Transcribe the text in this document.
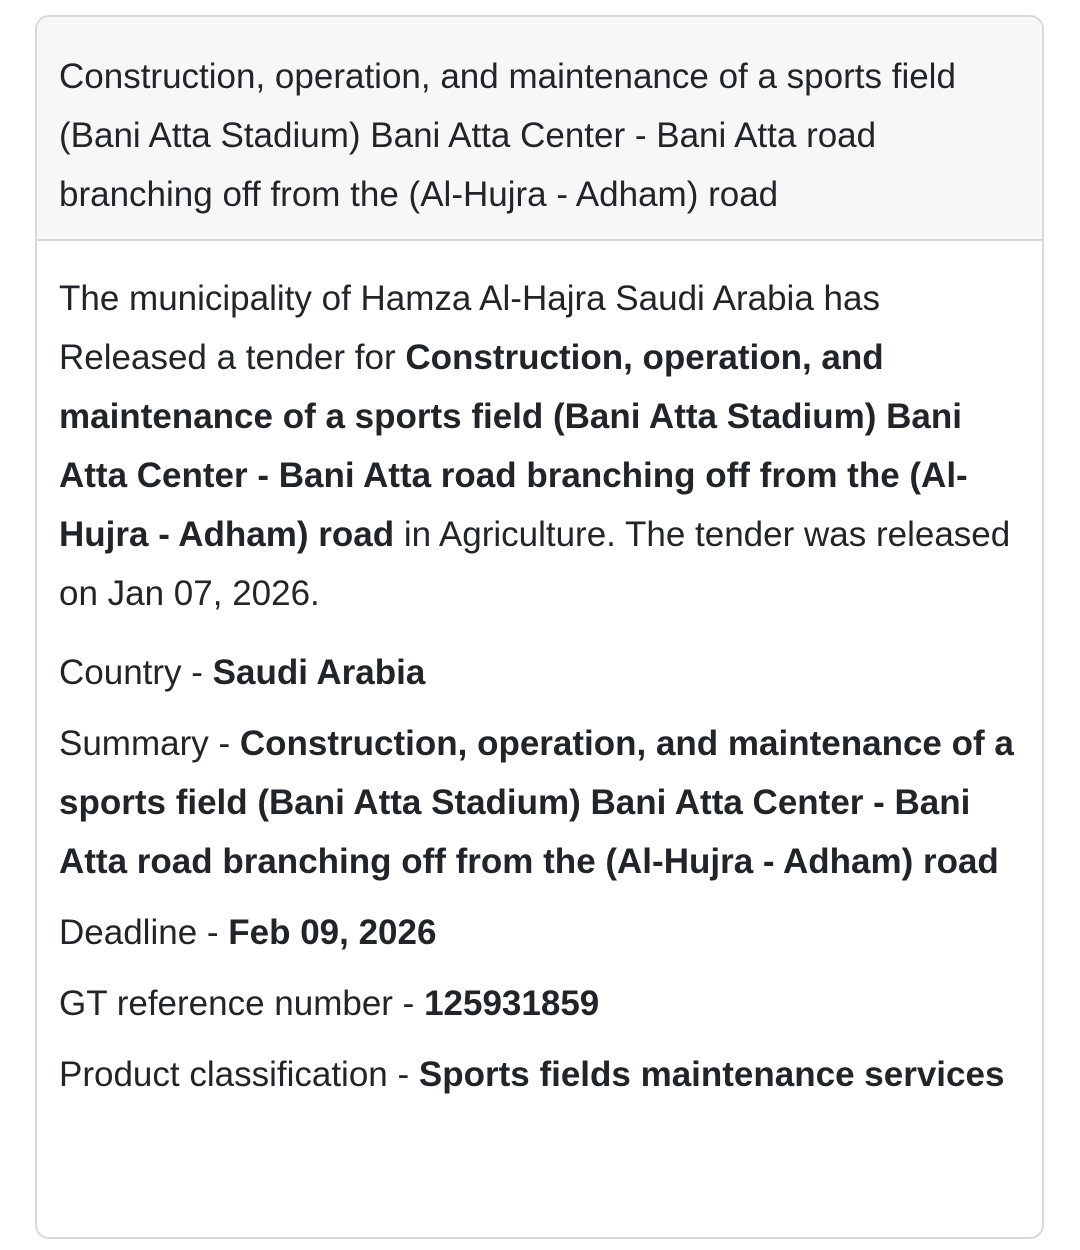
Construction, operation, and maintenance of a sports field (Bani Atta Stadium) Bani Atta Center - Bani Atta road branching off from the (Al-Hujra - Adham) road

The municipality of Hamza Al-Hajra Saudi Arabia has Released a tender for Construction, operation, and maintenance of a sports field (Bani Atta Stadium) Bani Atta Center - Bani Atta road branching off from the (Al-Hujra - Adham) road in Agriculture. The tender was released on Jan 07, 2026.

Country - Saudi Arabia

Summary - Construction, operation, and maintenance of a sports field (Bani Atta Stadium) Bani Atta Center - Bani Atta road branching off from the (Al-Hujra - Adham) road

Deadline - Feb 09, 2026

GT reference number - 125931859

Product classification - Sports fields maintenance services
